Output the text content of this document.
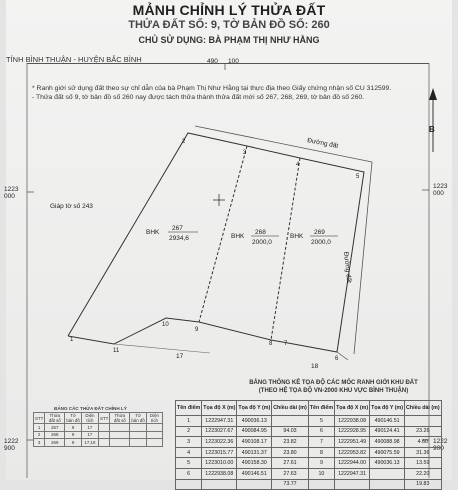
MẢNH CHỈNH LÝ THỬA ĐẤT
THỬA ĐẤT SỐ: 9, TỜ BẢN ĐỒ SỐ: 260
CHỦ SỬ DỤNG: BÀ PHẠM THỊ NHƯ HẰNG
TỈNH BÌNH THUẬN - HUYỆN BẮC BÌNH	490 100
1223
000
1223
000
1222
900
1222
900
* Ranh giới sử dụng đất theo sự chỉ dẫn của bà Phạm Thị Như Hằng tại thực địa theo Giấy chứng nhận số CU 312599.
- Thửa đất số 9, tờ bản đồ số 260 nay được tách thửa thành thửa đất mới số 267, 268, 269, tờ bản đồ số 260.
B
1
2
3
4
5
6
7
8
9
10
11
Đường đất
Đường đất
Giáp tờ số 243
BHK
267
2934,6	BHK
268
2000,0
BHK
269
2000,0
17
18
BẢNG THỐNG KÊ TỌA ĐỘ CÁC MỐC RANH GIỚI KHU ĐẤT
(THEO HỆ TỌA ĐỘ VN-2000 KHU VỰC BÌNH THUẬN)
Tên điểm	Tọa độ X (m)	Tọa độ Y (m)	Chiều dài (m)	Tên điểm	Tọa độ X (m)	Tọa độ Y (m)	Chiều dài (m)
1	1222947.31	490036.13		5	1222938.08	490146.51	
2	1223027.67	490084.95	94.03	6	1222928.95	490124.41	23.26
3	1223022.36	490108.17	23.82	7	1222951.49	490088.98	4.60
4	1223015.77	490131.37	23.80	8	1222953.82	490075.59	31.36
5	1223010.00	490158.30	27.61	9	1222944.00	490036.13	13.59
6	1222938.08	490146.51	27.63	10	1222947.31		22.20
			73.77				19.83
BẢNG CÁC THỬA ĐẤT CHỈNH LÝ
STT	Thửa đất số	Tờ bản đồ	Diện tích	STT	Thửa đất số	Tờ bản đồ	Diện tích
1	267	9	17				
2	268	9	17				
3	269	9	17,18				
